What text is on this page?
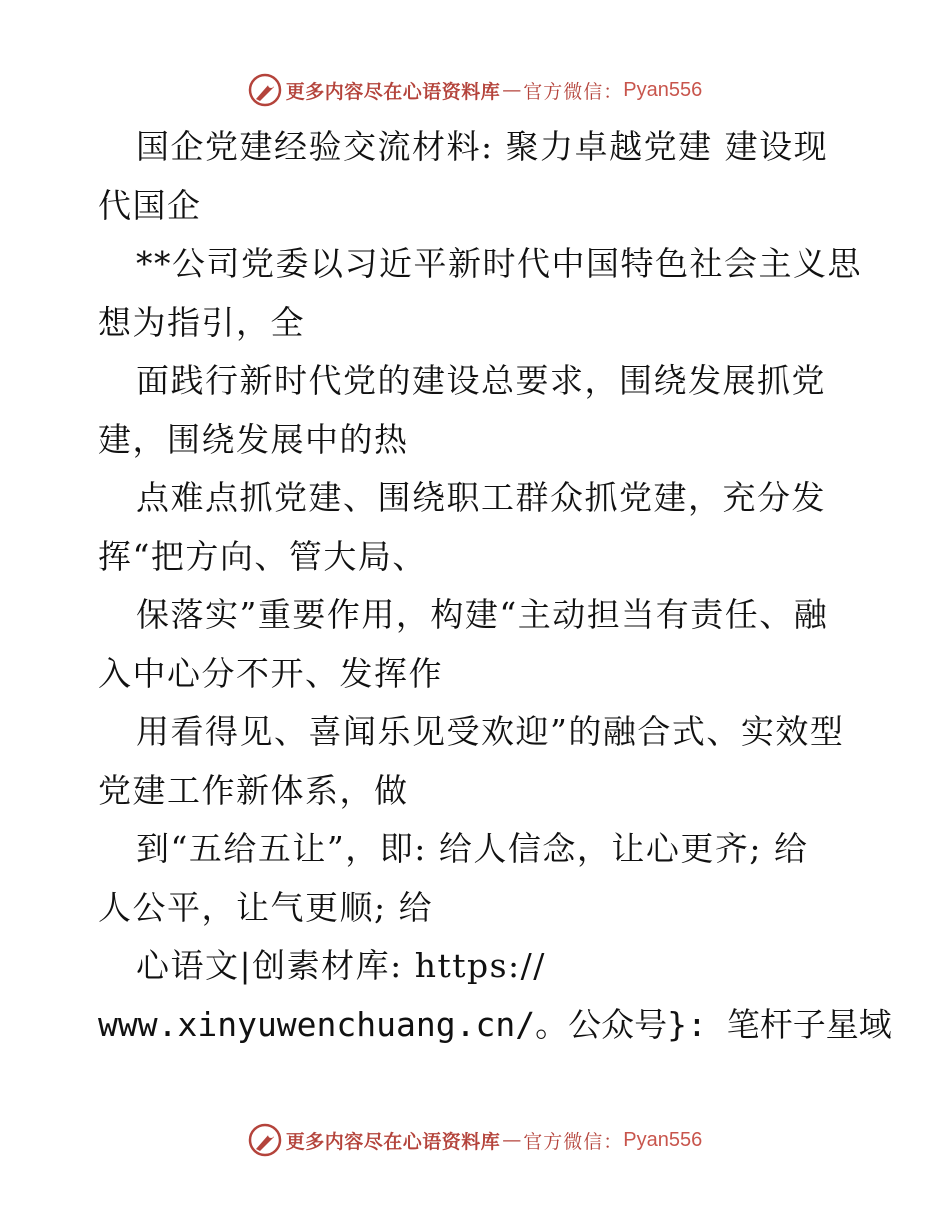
更多内容尽在心语资料库 — 官方微信： Pyan556
国企党建经验交流材料: 聚力卓越党建 建设现
代国企
**公司党委以习近平新时代中国特色社会主义思
想为指引，全
面践行新时代党的建设总要求，围绕发展抓党
建，围绕发展中的热
点难点抓党建、围绕职工群众抓党建，充分发
挥“把方向、管大局、
保落实”重要作用，构建“主动担当有责任、融
入中心分不开、发挥作
用看得见、喜闻乐见受欢迎”的融合式、实效型
党建工作新体系，做
到“五给五让”，即: 给人信念，让心更齐; 给
人公平，让气更顺; 给
心语文|创素材库: https://
www.xinyuwenchuang.cn/。公众号}: 笔杆子星域
更多内容尽在心语资料库 — 官方微信： Pyan556
